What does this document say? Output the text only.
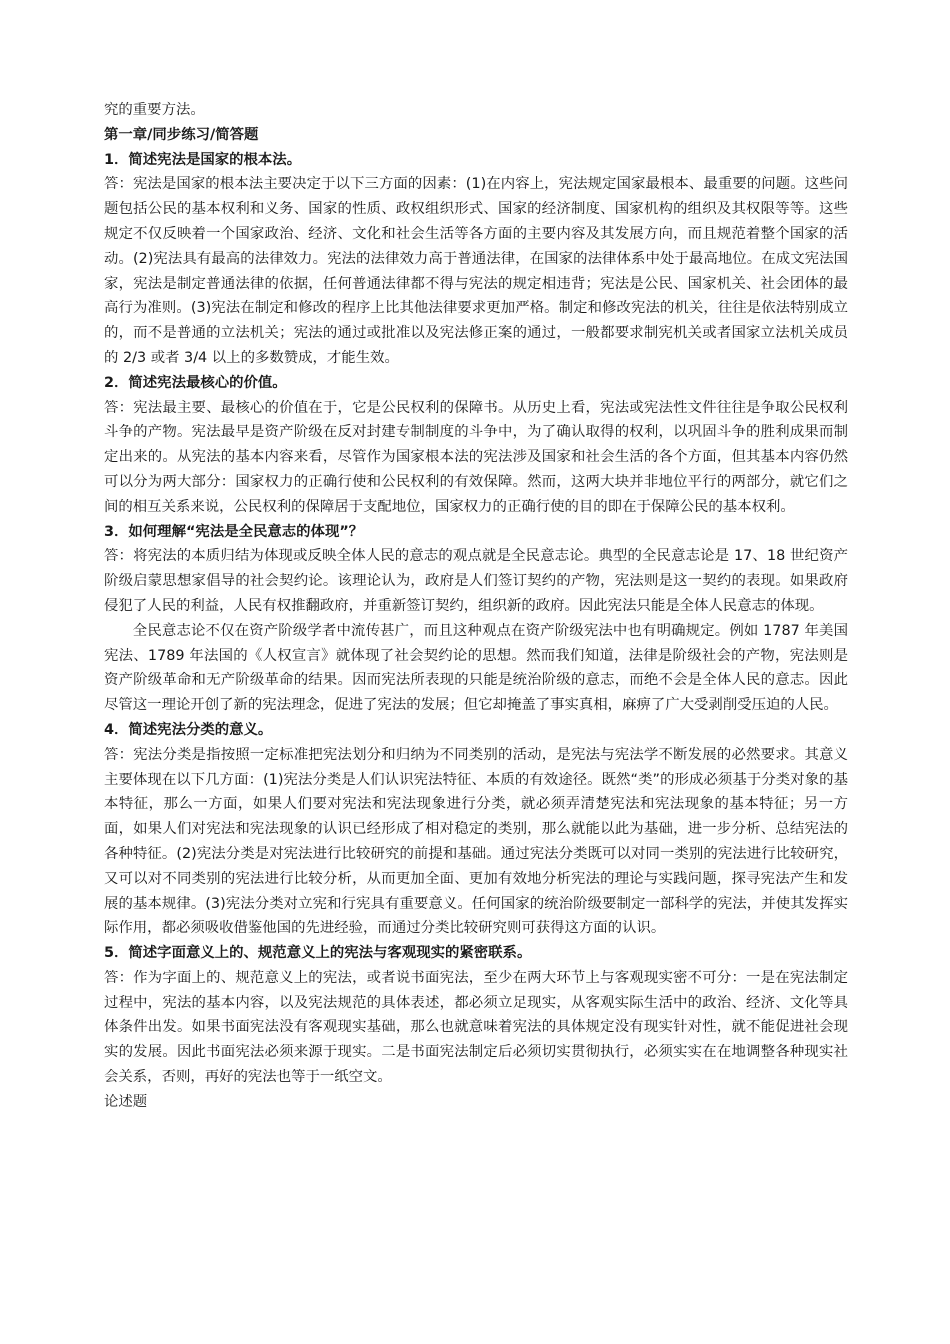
究的重要方法。

第一章/同步练习/简答题

1．简述宪法是国家的根本法。

答：宪法是国家的根本法主要决定于以下三方面的因素：(1)在内容上，宪法规定国家最根本、最重要的问题。这些问题包括公民的基本权利和义务、国家的性质、政权组织形式、国家的经济制度、国家机构的组织及其权限等等。这些规定不仅反映着一个国家政治、经济、文化和社会生活等各方面的主要内容及其发展方向，而且规范着整个国家的活动。(2)宪法具有最高的法律效力。宪法的法律效力高于普通法律，在国家的法律体系中处于最高地位。在成文宪法国家，宪法是制定普通法律的依据，任何普通法律都不得与宪法的规定相违背；宪法是公民、国家机关、社会团体的最高行为准则。(3)宪法在制定和修改的程序上比其他法律要求更加严格。制定和修改宪法的机关，往往是依法特别成立的，而不是普通的立法机关；宪法的通过或批准以及宪法修正案的通过，一般都要求制宪机关或者国家立法机关成员的 2/3 或者 3/4 以上的多数赞成，才能生效。

2．简述宪法最核心的价值。

答：宪法最主要、最核心的价值在于，它是公民权利的保障书。从历史上看，宪法或宪法性文件往往是争取公民权利斗争的产物。宪法最早是资产阶级在反对封建专制制度的斗争中，为了确认取得的权利，以巩固斗争的胜利成果而制定出来的。从宪法的基本内容来看，尽管作为国家根本法的宪法涉及国家和社会生活的各个方面，但其基本内容仍然可以分为两大部分：国家权力的正确行使和公民权利的有效保障。然而，这两大块并非地位平行的两部分，就它们之间的相互关系来说，公民权利的保障居于支配地位，国家权力的正确行使的目的即在于保障公民的基本权利。

3．如何理解“宪法是全民意志的体现”？

答：将宪法的本质归结为体现或反映全体人民的意志的观点就是全民意志论。典型的全民意志论是 17、18 世纪资产阶级启蒙思想家倡导的社会契约论。该理论认为，政府是人们签订契约的产物，宪法则是这一契约的表现。如果政府侵犯了人民的利益，人民有权推翻政府，并重新签订契约，组织新的政府。因此宪法只能是全体人民意志的体现。

全民意志论不仅在资产阶级学者中流传甚广，而且这种观点在资产阶级宪法中也有明确规定。例如 1787 年美国宪法、1789 年法国的《人权宣言》就体现了社会契约论的思想。然而我们知道，法律是阶级社会的产物，宪法则是资产阶级革命和无产阶级革命的结果。因而宪法所表现的只能是统治阶级的意志，而绝不会是全体人民的意志。因此尽管这一理论开创了新的宪法理念，促进了宪法的发展；但它却掩盖了事实真相，麻痹了广大受剥削受压迫的人民。

4．简述宪法分类的意义。

答：宪法分类是指按照一定标准把宪法划分和归纳为不同类别的活动，是宪法与宪法学不断发展的必然要求。其意义主要体现在以下几方面：(1)宪法分类是人们认识宪法特征、本质的有效途径。既然“类”的形成必须基于分类对象的基本特征，那么一方面，如果人们要对宪法和宪法现象进行分类，就必须弄清楚宪法和宪法现象的基本特征；另一方面，如果人们对宪法和宪法现象的认识已经形成了相对稳定的类别，那么就能以此为基础，进一步分析、总结宪法的各种特征。(2)宪法分类是对宪法进行比较研究的前提和基础。通过宪法分类既可以对同一类别的宪法进行比较研究，又可以对不同类别的宪法进行比较分析，从而更加全面、更加有效地分析宪法的理论与实践问题，探寻宪法产生和发展的基本规律。(3)宪法分类对立宪和行宪具有重要意义。任何国家的统治阶级要制定一部科学的宪法，并使其发挥实际作用，都必须吸收借鉴他国的先进经验，而通过分类比较研究则可获得这方面的认识。

5．简述字面意义上的、规范意义上的宪法与客观现实的紧密联系。

答：作为字面上的、规范意义上的宪法，或者说书面宪法，至少在两大环节上与客观现实密不可分：一是在宪法制定过程中，宪法的基本内容，以及宪法规范的具体表述，都必须立足现实，从客观实际生活中的政治、经济、文化等具体条件出发。如果书面宪法没有客观现实基础，那么也就意味着宪法的具体规定没有现实针对性，就不能促进社会现实的发展。因此书面宪法必须来源于现实。二是书面宪法制定后必须切实贯彻执行，必须实实在在地调整各种现实社会关系，否则，再好的宪法也等于一纸空文。

论述题
